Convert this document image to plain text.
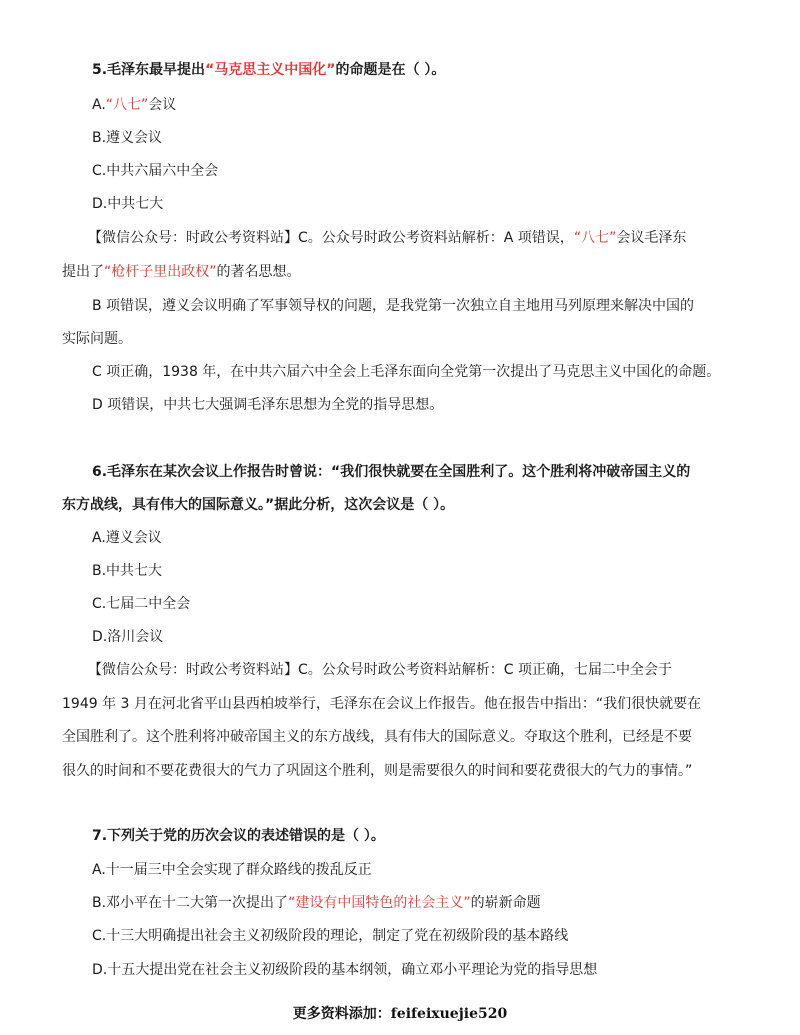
5.毛泽东最早提出“马克思主义中国化”的命题是在（ ）。
A.“八七”会议
B.遵义会议
C.中共六届六中全会
D.中共七大
【微信公众号：时政公考资料站】C。公众号时政公考资料站解析：A 项错误，“八七”会议毛泽东
提出了“枪杆子里出政权”的著名思想。
B 项错误，遵义会议明确了军事领导权的问题，是我党第一次独立自主地用马列原理来解决中国的
实际问题。
C 项正确，1938 年，在中共六届六中全会上毛泽东面向全党第一次提出了马克思主义中国化的命题。
D 项错误，中共七大强调毛泽东思想为全党的指导思想。
6.毛泽东在某次会议上作报告时曾说：“我们很快就要在全国胜利了。这个胜利将冲破帝国主义的
东方战线，具有伟大的国际意义。”据此分析，这次会议是（ ）。
A.遵义会议
B.中共七大
C.七届二中全会
D.洛川会议
【微信公众号：时政公考资料站】C。公众号时政公考资料站解析：C 项正确，七届二中全会于
1949 年 3 月在河北省平山县西柏坡举行，毛泽东在会议上作报告。他在报告中指出：“我们很快就要在
全国胜利了。这个胜利将冲破帝国主义的东方战线，具有伟大的国际意义。夺取这个胜利，已经是不要
很久的时间和不要花费很大的气力了巩固这个胜利，则是需要很久的时间和要花费很大的气力的事情。”
7.下列关于党的历次会议的表述错误的是（ ）。
A.十一届三中全会实现了群众路线的拨乱反正
B.邓小平在十二大第一次提出了“建设有中国特色的社会主义”的崭新命题
C.十三大明确提出社会主义初级阶段的理论，制定了党在初级阶段的基本路线
D.十五大提出党在社会主义初级阶段的基本纲领，确立邓小平理论为党的指导思想
更多资料添加：feifeixuejie520
